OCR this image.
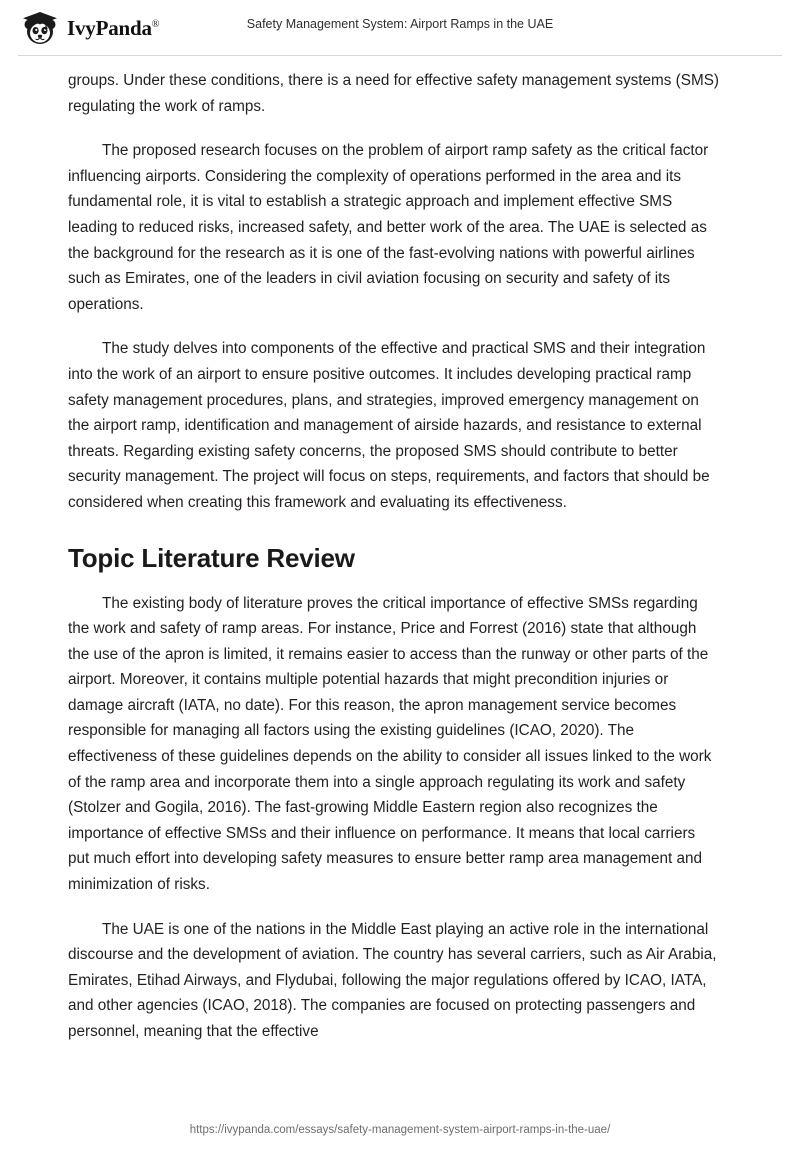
IvyPanda®	Safety Management System: Airport Ramps in the UAE

groups. Under these conditions, there is a need for effective safety management systems (SMS) regulating the work of ramps.

The proposed research focuses on the problem of airport ramp safety as the critical factor influencing airports. Considering the complexity of operations performed in the area and its fundamental role, it is vital to establish a strategic approach and implement effective SMS leading to reduced risks, increased safety, and better work of the area. The UAE is selected as the background for the research as it is one of the fast-evolving nations with powerful airlines such as Emirates, one of the leaders in civil aviation focusing on security and safety of its operations.

The study delves into components of the effective and practical SMS and their integration into the work of an airport to ensure positive outcomes. It includes developing practical ramp safety management procedures, plans, and strategies, improved emergency management on the airport ramp, identification and management of airside hazards, and resistance to external threats. Regarding existing safety concerns, the proposed SMS should contribute to better security management. The project will focus on steps, requirements, and factors that should be considered when creating this framework and evaluating its effectiveness.

Topic Literature Review

The existing body of literature proves the critical importance of effective SMSs regarding the work and safety of ramp areas. For instance, Price and Forrest (2016) state that although the use of the apron is limited, it remains easier to access than the runway or other parts of the airport. Moreover, it contains multiple potential hazards that might precondition injuries or damage aircraft (IATA, no date). For this reason, the apron management service becomes responsible for managing all factors using the existing guidelines (ICAO, 2020). The effectiveness of these guidelines depends on the ability to consider all issues linked to the work of the ramp area and incorporate them into a single approach regulating its work and safety (Stolzer and Gogila, 2016). The fast-growing Middle Eastern region also recognizes the importance of effective SMSs and their influence on performance. It means that local carriers put much effort into developing safety measures to ensure better ramp area management and minimization of risks.

The UAE is one of the nations in the Middle East playing an active role in the international discourse and the development of aviation. The country has several carriers, such as Air Arabia, Emirates, Etihad Airways, and Flydubai, following the major regulations offered by ICAO, IATA, and other agencies (ICAO, 2018). The companies are focused on protecting passengers and personnel, meaning that the effective

https://ivypanda.com/essays/safety-management-system-airport-ramps-in-the-uae/
